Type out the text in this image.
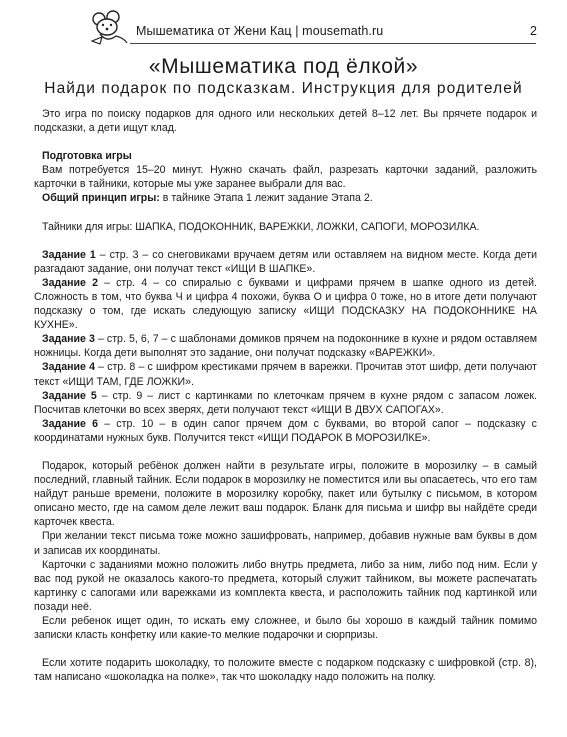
Мышематика от Жени Кац | mousemath.ru	2
«Мышематика под ёлкой»
Найди подарок по подсказкам. Инструкция для родителей

Это игра по поиску подарков для одного или нескольких детей 8–12 лет. Вы прячете подарок и подсказки, а дети ищут клад.

Подготовка игры

Вам потребуется 15–20 минут. Нужно скачать файл, разрезать карточки заданий, разложить карточки в тайники, которые мы уже заранее выбрали для вас.

Общий принцип игры: в тайнике Этапа 1 лежит задание Этапа 2.

Тайники для игры: ШАПКА, ПОДОКОННИК, ВАРЕЖКИ, ЛОЖКИ, САПОГИ, МОРОЗИЛКА.

Задание 1 – стр. 3 – со снеговиками вручаем детям или оставляем на видном месте. Когда дети разгадают задание, они получат текст «ИЩИ В ШАПКЕ».

Задание 2 – стр. 4 – со спиралью с буквами и цифрами прячем в шапке одного из детей. Сложность в том, что буква Ч и цифра 4 похожи, буква О и цифра 0 тоже, но в итоге дети получают подсказку о том, где искать следующую записку «ИЩИ ПОДСКАЗКУ НА ПОДОКОННИКЕ НА КУХНЕ».

Задание 3 – стр. 5, 6, 7 – с шаблонами домиков прячем на подоконнике в кухне и рядом оставляем ножницы. Когда дети выполнят это задание, они получат подсказку «ВАРЕЖКИ».

Задание 4 – стр. 8 – с шифром крестиками прячем в варежки. Прочитав этот шифр, дети получают текст «ИЩИ ТАМ, ГДЕ ЛОЖКИ».

Задание 5 – стр. 9 – лист с картинками по клеточкам прячем в кухне рядом с запасом ложек. Посчитав клеточки во всех зверях, дети получают текст «ИЩИ В ДВУХ САПОГАХ».

Задание 6 – стр. 10 – в один сапог прячем дом с буквами, во второй сапог – подсказку с координатами нужных букв. Получится текст «ИЩИ ПОДАРОК В МОРОЗИЛКЕ».

Подарок, который ребёнок должен найти в результате игры, положите в морозилку – в самый последний, главный тайник. Если подарок в морозилку не поместится или вы опасаетесь, что его там найдут раньше времени, положите в морозилку коробку, пакет или бутылку с письмом, в котором описано место, где на самом деле лежит ваш подарок. Бланк для письма и шифр вы найдёте среди карточек квеста.

При желании текст письма тоже можно зашифровать, например, добавив нужные вам буквы в дом и записав их координаты.

Карточки с заданиями можно положить либо внутрь предмета, либо за ним, либо под ним. Если у вас под рукой не оказалось какого-то предмета, который служит тайником, вы можете распечатать картинку с сапогами или варежками из комплекта квеста, и расположить тайник под картинкой или позади неё.

Если ребенок ищет один, то искать ему сложнее, и было бы хорошо в каждый тайник помимо записки класть конфетку или какие-то мелкие подарочки и сюрпризы.

Если хотите подарить шоколадку, то положите вместе с подарком подсказку с шифровкой (стр. 8), там написано «шоколадка на полке», так что шоколадку надо положить на полку.
